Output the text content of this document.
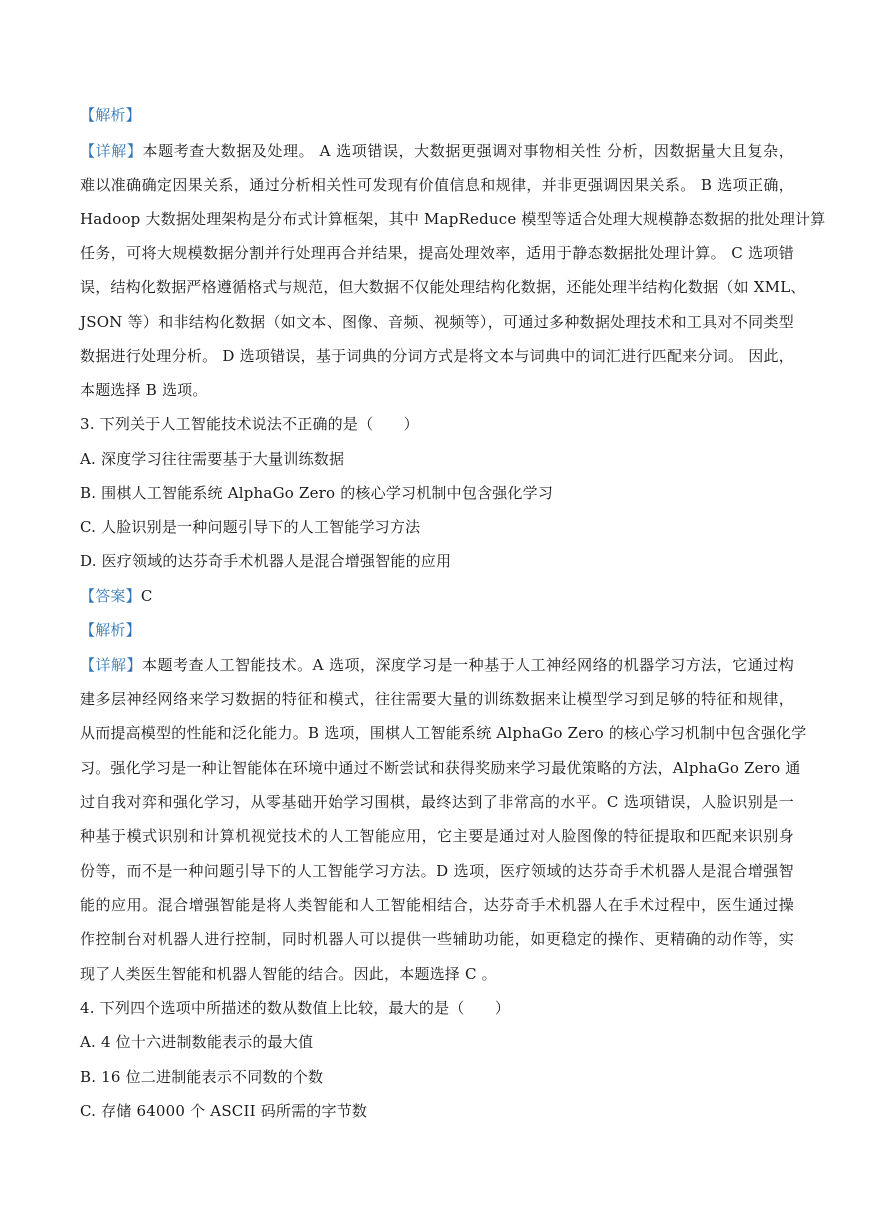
【解析】
【详解】本题考查大数据及处理。 A 选项错误，大数据更强调对事物相关性 分析，因数据量大且复杂，
难以准确确定因果关系，通过分析相关性可发现有价值信息和规律，并非更强调因果关系。 B 选项正确，
Hadoop 大数据处理架构是分布式计算框架，其中 MapReduce 模型等适合处理大规模静态数据的批处理计算
任务，可将大规模数据分割并行处理再合并结果，提高处理效率，适用于静态数据批处理计算。 C 选项错
误，结构化数据严格遵循格式与规范，但大数据不仅能处理结构化数据，还能处理半结构化数据（如 XML、
JSON 等）和非结构化数据（如文本、图像、音频、视频等），可通过多种数据处理技术和工具对不同类型
数据进行处理分析。 D 选项错误，基于词典的分词方式是将文本与词典中的词汇进行匹配来分词。 因此，
本题选择 B 选项。
3. 下列关于人工智能技术说法不正确的是（　　）
A. 深度学习往往需要基于大量训练数据
B. 围棋人工智能系统 AlphaGo Zero 的核心学习机制中包含强化学习
C. 人脸识别是一种问题引导下的人工智能学习方法
D. 医疗领域的达芬奇手术机器人是混合增强智能的应用
【答案】C
【解析】
【详解】本题考查人工智能技术。A 选项，深度学习是一种基于人工神经网络的机器学习方法，它通过构
建多层神经网络来学习数据的特征和模式，往往需要大量的训练数据来让模型学习到足够的特征和规律，
从而提高模型的性能和泛化能力。B 选项，围棋人工智能系统 AlphaGo Zero 的核心学习机制中包含强化学
习。强化学习是一种让智能体在环境中通过不断尝试和获得奖励来学习最优策略的方法，AlphaGo Zero 通
过自我对弈和强化学习，从零基础开始学习围棋，最终达到了非常高的水平。C 选项错误，人脸识别是一
种基于模式识别和计算机视觉技术的人工智能应用，它主要是通过对人脸图像的特征提取和匹配来识别身
份等，而不是一种问题引导下的人工智能学习方法。D 选项，医疗领域的达芬奇手术机器人是混合增强智
能的应用。混合增强智能是将人类智能和人工智能相结合，达芬奇手术机器人在手术过程中，医生通过操
作控制台对机器人进行控制，同时机器人可以提供一些辅助功能，如更稳定的操作、更精确的动作等，实
现了人类医生智能和机器人智能的结合。因此，本题选择 C 。
4. 下列四个选项中所描述的数从数值上比较，最大的是（　　）
A. 4 位十六进制数能表示的最大值
B. 16 位二进制能表示不同数的个数
C. 存储 64000 个 ASCII 码所需的字节数
